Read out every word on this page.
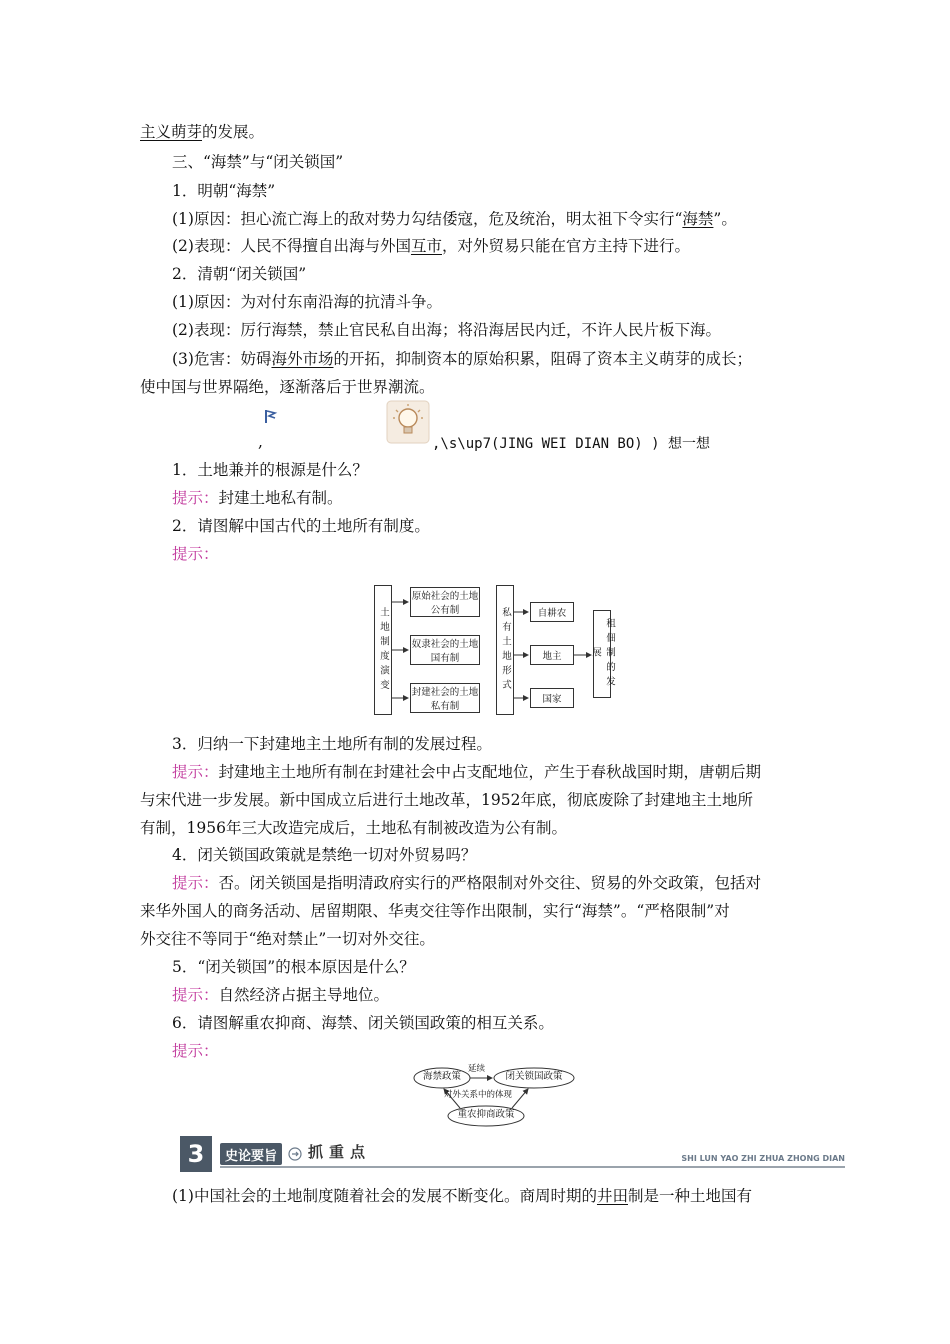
主义萌芽的发展。
三、“海禁”与“闭关锁国”
1．明朝“海禁”
(1)原因：担心流亡海上的敌对势力勾结倭寇，危及统治，明太祖下令实行“海禁”。
(2)表现：人民不得擅自出海与外国互市，对外贸易只能在官方主持下进行。
2．清朝“闭关锁国”
(1)原因：为对付东南沿海的抗清斗争。
(2)表现：厉行海禁，禁止官民私自出海；将沿海居民内迁，不许人民片板下海。
(3)危害：妨碍海外市场的开拓，抑制资本的原始积累，阻碍了资本主义萌芽的成长；
使中国与世界隔绝，逐渐落后于世界潮流。
,	,\s\up7(JING WEI DIAN BO) ) 想一想
1．土地兼并的根源是什么？
提示：封建土地私有制。
2．请图解中国古代的土地所有制度。
提示：
土地制度演变
原始社会的土地公有制
奴隶社会的土地国有制
封建社会的土地私有制
私有土地形式	自耕农
地主
国家
租佃制的发展
3．归纳一下封建地主土地所有制的发展过程。
提示：封建地主土地所有制在封建社会中占支配地位，产生于春秋战国时期，唐朝后期
与宋代进一步发展。新中国成立后进行土地改革，1952年底，彻底废除了封建地主土地所
有制，1956年三大改造完成后，土地私有制被改造为公有制。
4．闭关锁国政策就是禁绝一切对外贸易吗？
提示：否。闭关锁国是指明清政府实行的严格限制对外交往、贸易的外交政策，包括对
来华外国人的商务活动、居留期限、华夷交往等作出限制，实行“海禁”。“严格限制”对
外交往不等同于“绝对禁止”一切对外交往。
5．“闭关锁国”的根本原因是什么？
提示：自然经济占据主导地位。
6．请图解重农抑商、海禁、闭关锁国政策的相互关系。
提示：
海禁政策	闭关锁国政策
重农抑商政策
延续
对外关系中的体现
3	史论要旨	抓重点	SHI LUN YAO ZHI ZHUA ZHONG DIAN
(1)中国社会的土地制度随着社会的发展不断变化。商周时期的井田制是一种土地国有
